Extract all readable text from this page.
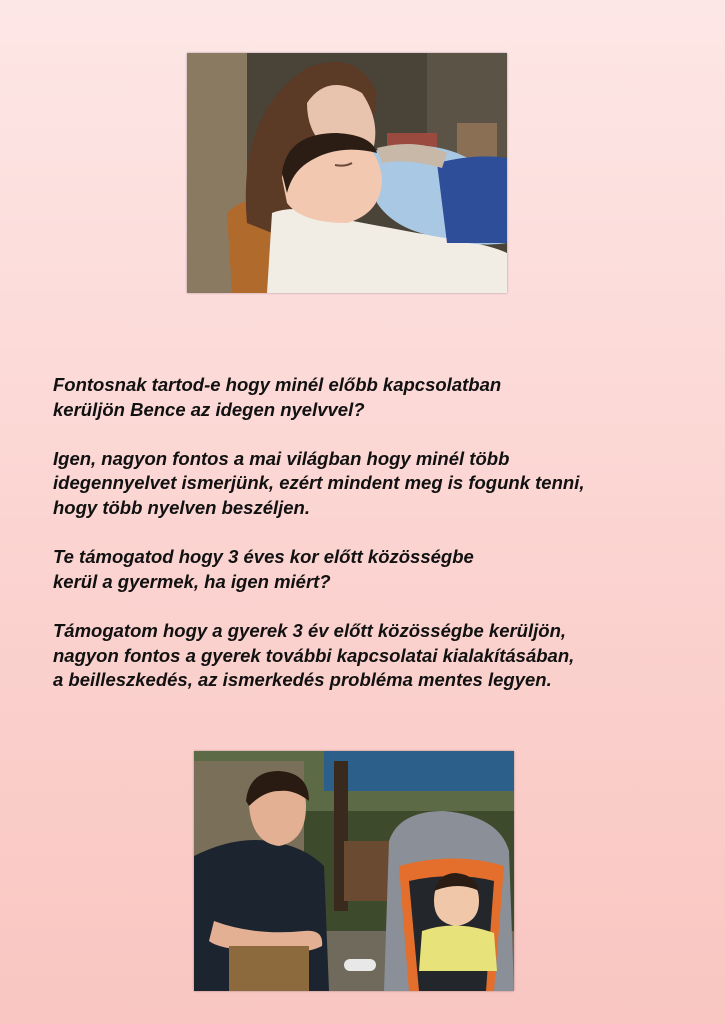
Fontosnak tartod-e hogy minél előbb kapcsolatban
kerüljön Bence az idegen nyelvvel?

Igen, nagyon fontos a mai világban hogy minél több
idegennyelvet ismerjünk, ezért mindent meg is fogunk tenni,
hogy több nyelven beszéljen.

Te támogatod hogy 3 éves kor előtt közösségbe
kerül a gyermek, ha igen miért?

Támogatom hogy a gyerek 3 év előtt közösségbe kerüljön,
nagyon fontos a gyerek további kapcsolatai kialakításában,
a beilleszkedés, az ismerkedés probléma mentes legyen.
